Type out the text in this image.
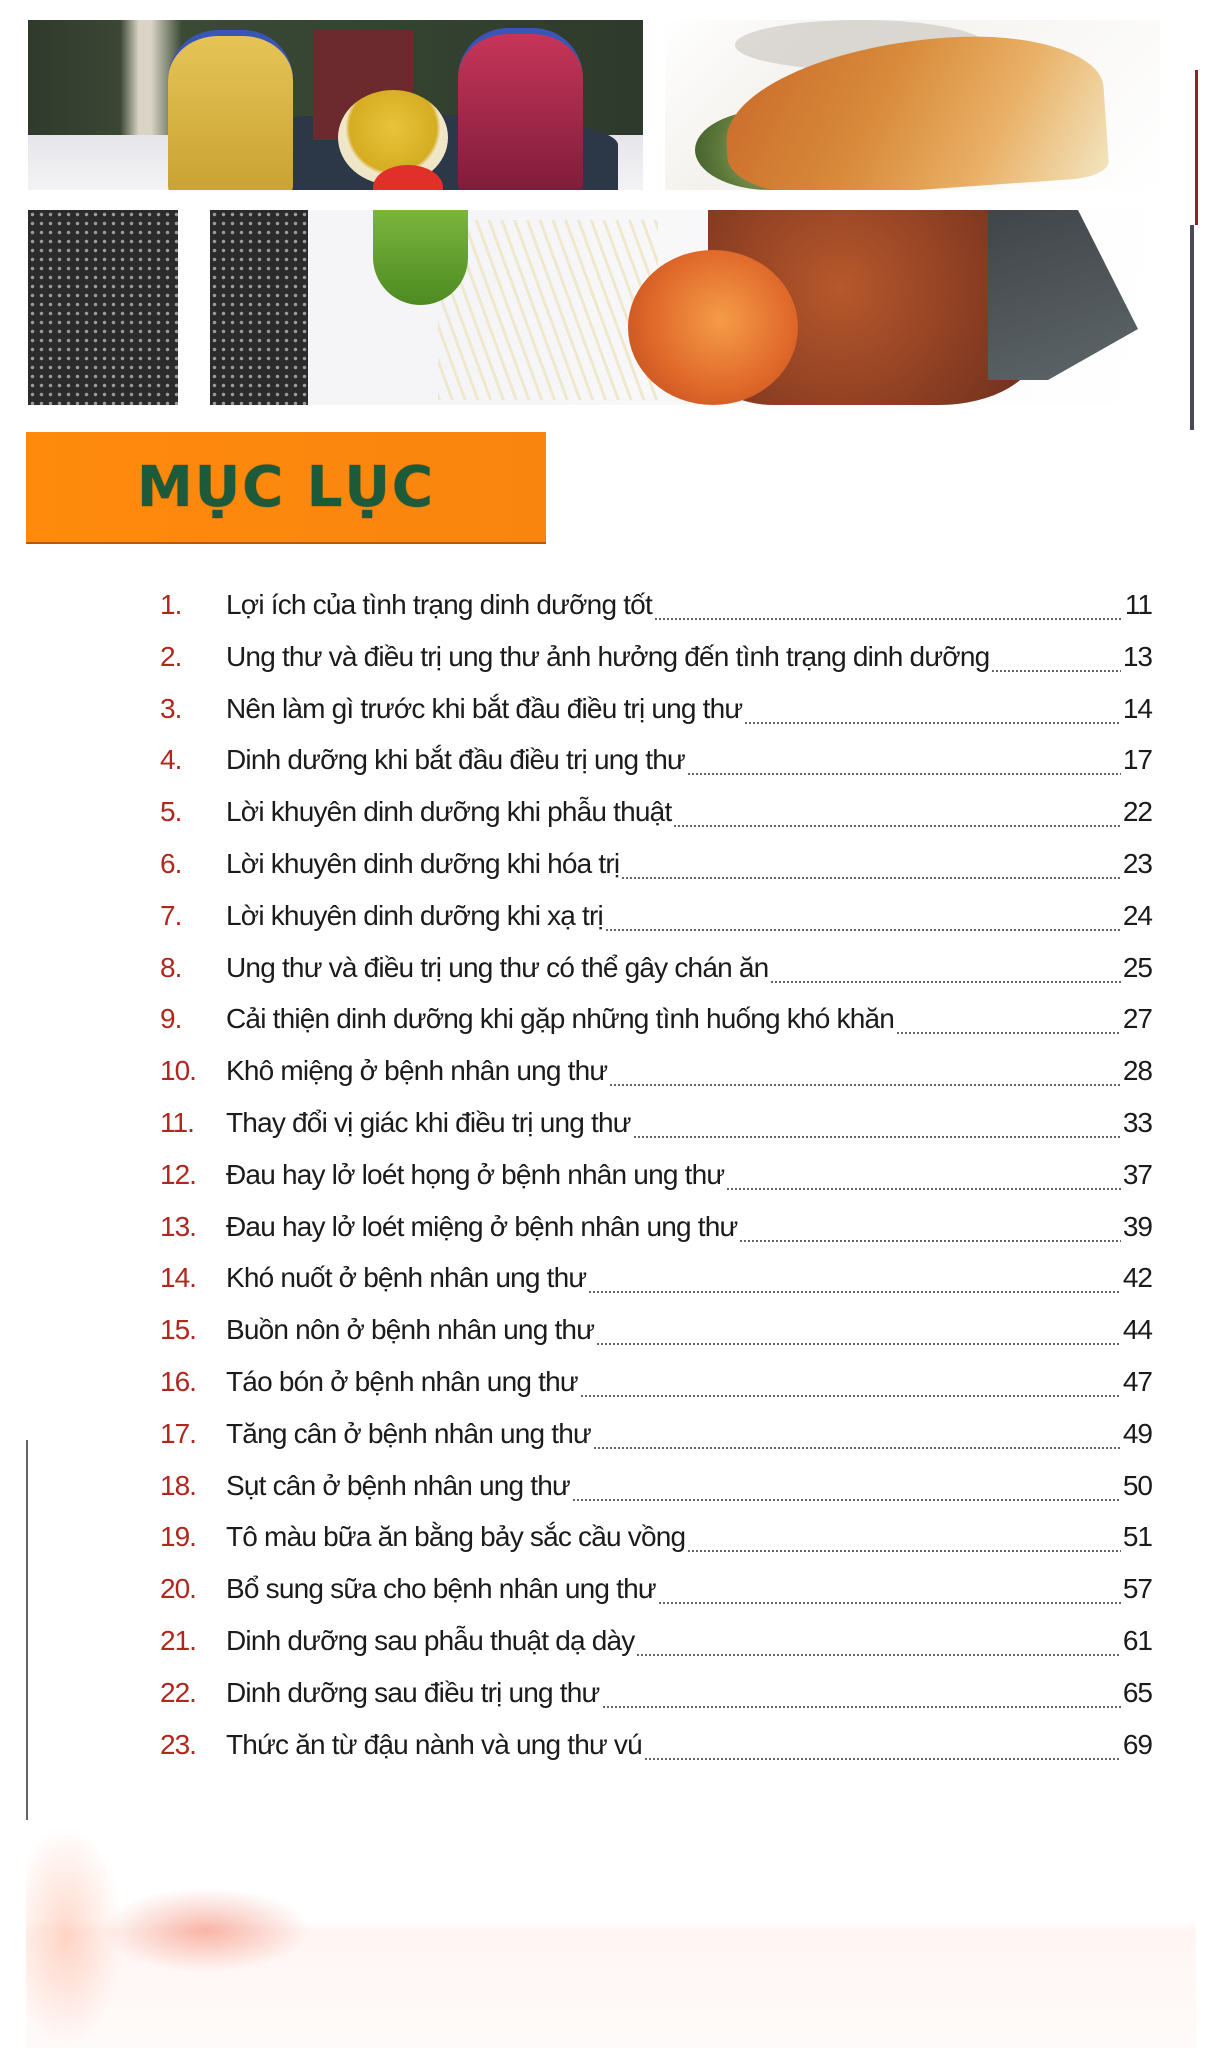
MỤC LỤC
1.	Lợi ích của tình trạng dinh dưỡng tốt	11
2.	Ung thư và điều trị ung thư ảnh hưởng đến tình trạng dinh dưỡng	13
3.	Nên làm gì trước khi bắt đầu điều trị ung thư	14
4.	Dinh dưỡng khi bắt đầu điều trị ung thư	17
5.	Lời khuyên dinh dưỡng khi phẫu thuật	22
6.	Lời khuyên dinh dưỡng khi hóa trị	23
7.	Lời khuyên dinh dưỡng khi xạ trị	24
8.	Ung thư và điều trị ung thư có thể gây chán ăn	25
9.	Cải thiện dinh dưỡng khi gặp những tình huống khó khăn	27
10.	Khô miệng ở bệnh nhân ung thư	28
11.	Thay đổi vị giác khi điều trị ung thư	33
12.	Đau hay lở loét họng ở bệnh nhân ung thư	37
13.	Đau hay lở loét miệng ở bệnh nhân ung thư	39
14.	Khó nuốt ở bệnh nhân ung thư	42
15.	Buồn nôn ở bệnh nhân ung thư	44
16.	Táo bón ở bệnh nhân ung thư	47
17.	Tăng cân ở bệnh nhân ung thư	49
18.	Sụt cân ở bệnh nhân ung thư	50
19.	Tô màu bữa ăn bằng bảy sắc cầu vồng	51
20.	Bổ sung sữa cho bệnh nhân ung thư	57
21.	Dinh dưỡng sau phẫu thuật dạ dày	61
22.	Dinh dưỡng sau điều trị ung thư	65
23.	Thức ăn từ đậu nành và ung thư vú	69
